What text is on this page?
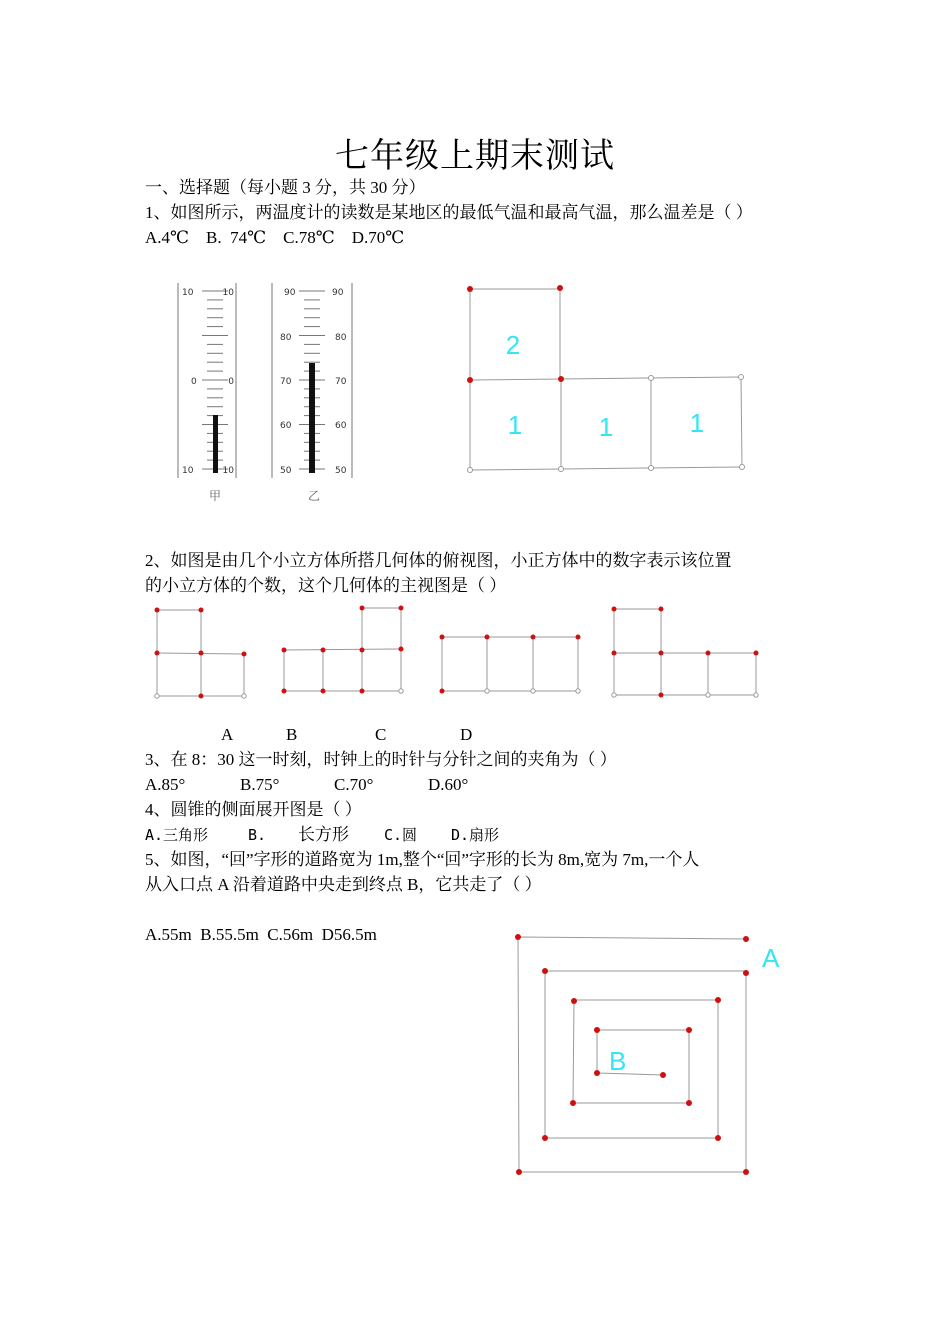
七年级上期末测试
一、选择题（每小题 3 分，共 30 分）
1、如图所示，两温度计的读数是某地区的最低气温和最高气温，那么温差是（ ）
A.4℃    B.  74℃    C.78℃    D.70℃
10	10
0	0
10	10
甲
90	90
80	80
70	70
60	60
50	50
乙
2
1	1	1
2、如图是由几个小立方体所搭几何体的俯视图，小正方体中的数字表示该位置
的小立方体的个数，这个几何体的主视图是（ ）
A	B	C	D
3、在 8：30 这一时刻，时钟上的时针与分针之间的夹角为（ ）
A.85°	B.75°	C.70°	D.60°
4、圆锥的侧面展开图是（ ）
A.三角形	B. 长方形 C.圆 D.扇形
5、如图，“回”字形的道路宽为 1m,整个“回”字形的长为 8m,宽为 7m,一个人
从入口点 A 沿着道路中央走到终点 B，它共走了（ ）
A.55m  B.55.5m  C.56m  D56.5m
A
B
